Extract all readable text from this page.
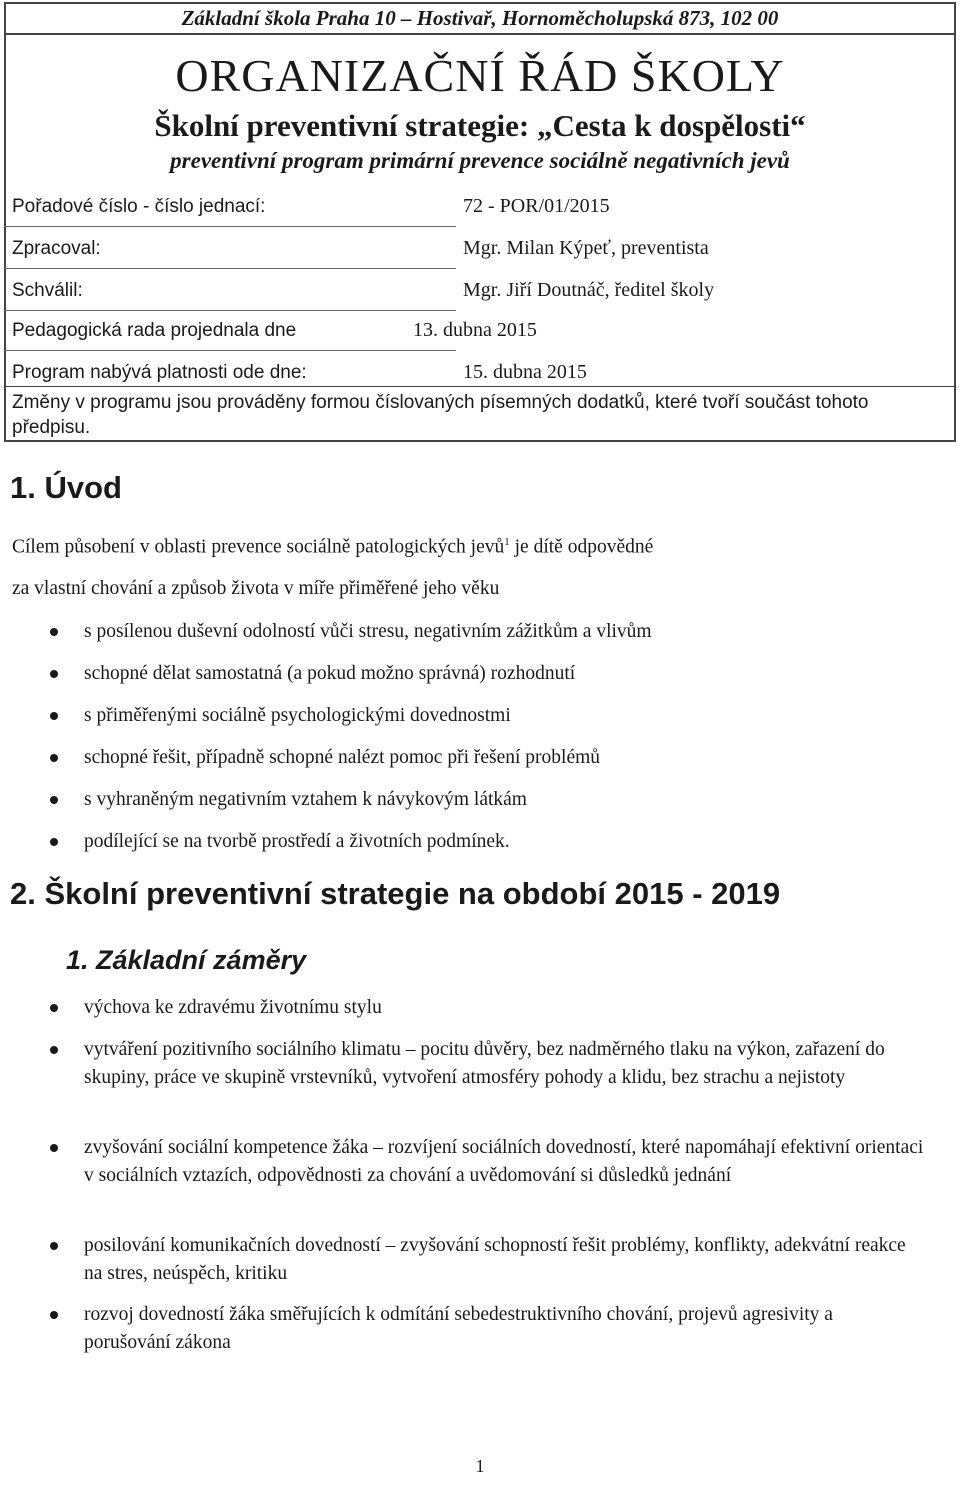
Základní škola Praha 10 – Hostivař, Hornoměcholupská 873, 102 00
ORGANIZAČNÍ ŘÁD ŠKOLY
Školní preventivní strategie: „Cesta k dospělosti“
preventivní program primární prevence sociálně negativních jevů
Pořadové číslo - číslo jednací:	72 - POR/01/2015
Zpracoval:	Mgr. Milan Kýpeť, preventista
Schválil:	Mgr. Jiří Doutnáč, ředitel školy
Pedagogická rada projednala dne	13. dubna 2015
Program nabývá platnosti ode dne:	15. dubna 2015
Změny v programu jsou prováděny formou číslovaných písemných dodatků, které tvoří součást tohoto předpisu.
1. Úvod
Cílem působení v oblasti prevence sociálně patologických jevů$^1$ je dítě odpovědné
za vlastní chování a způsob života v míře přiměřené jeho věku
s posílenou duševní odolností vůči stresu, negativním zážitkům a vlivům
schopné dělat samostatná (a pokud možno správná) rozhodnutí
s přiměřenými sociálně psychologickými dovednostmi
schopné řešit, případně schopné nalézt pomoc při řešení problémů
s vyhraněným negativním vztahem k návykovým látkám
podílející se na tvorbě prostředí a životních podmínek.
2. Školní preventivní strategie na období 2015 - 2019
1. Základní záměry
výchova ke zdravému životnímu stylu
vytváření pozitivního sociálního klimatu – pocitu důvěry, bez nadměrného tlaku na výkon, zařazení do skupiny, práce ve skupině vrstevníků, vytvoření atmosféry pohody a klidu, bez strachu a nejistoty
zvyšování sociální kompetence žáka – rozvíjení sociálních dovedností, které napomáhají efektivní orientaci v sociálních vztazích, odpovědnosti za chování a uvědomování si důsledků jednání
posilování komunikačních dovedností – zvyšování schopností řešit problémy, konflikty, adekvátní reakce na stres, neúspěch, kritiku
rozvoj dovedností žáka směřujících k odmítání sebedestruktivního chování, projevů agresivity a porušování zákona
1
